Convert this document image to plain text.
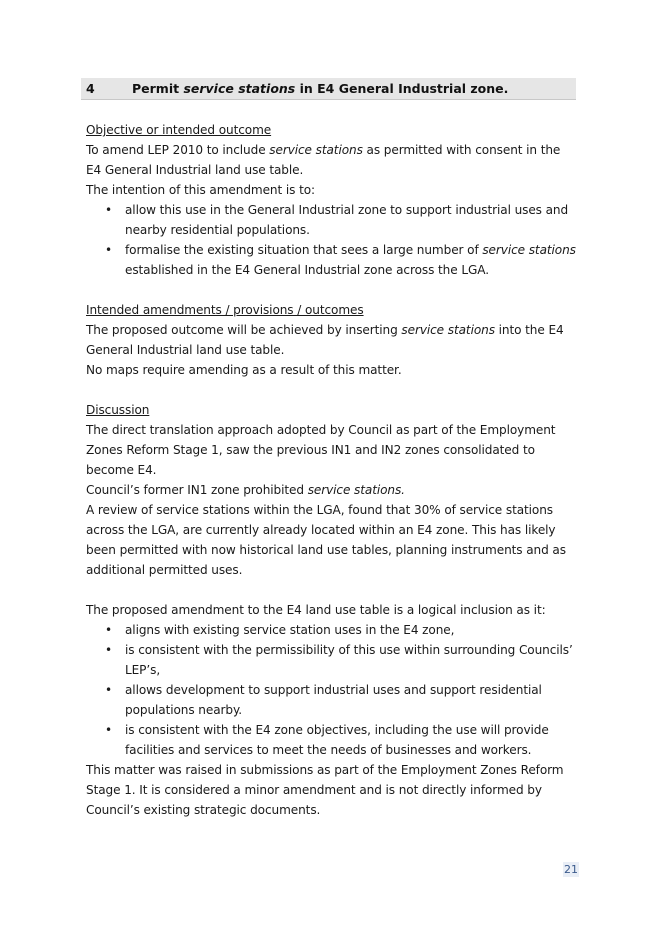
4	Permit service stations in E4 General Industrial zone.

Objective or intended outcome

To amend LEP 2010 to include service stations as permitted with consent in the E4 General Industrial land use table.

The intention of this amendment is to:

• allow this use in the General Industrial zone to support industrial uses and nearby residential populations.
• formalise the existing situation that sees a large number of service stations established in the E4 General Industrial zone across the LGA.

Intended amendments / provisions / outcomes

The proposed outcome will be achieved by inserting service stations into the E4 General Industrial land use table.

No maps require amending as a result of this matter.

Discussion

The direct translation approach adopted by Council as part of the Employment Zones Reform Stage 1, saw the previous IN1 and IN2 zones consolidated to become E4.

Council’s former IN1 zone prohibited service stations.

A review of service stations within the LGA, found that 30% of service stations across the LGA, are currently already located within an E4 zone. This has likely been permitted with now historical land use tables, planning instruments and as additional permitted uses.

The proposed amendment to the E4 land use table is a logical inclusion as it:

• aligns with existing service station uses in the E4 zone,
• is consistent with the permissibility of this use within surrounding Councils’ LEP’s,
• allows development to support industrial uses and support residential populations nearby.
• is consistent with the E4 zone objectives, including the use will provide facilities and services to meet the needs of businesses and workers.

This matter was raised in submissions as part of the Employment Zones Reform Stage 1. It is considered a minor amendment and is not directly informed by Council’s existing strategic documents.

21
